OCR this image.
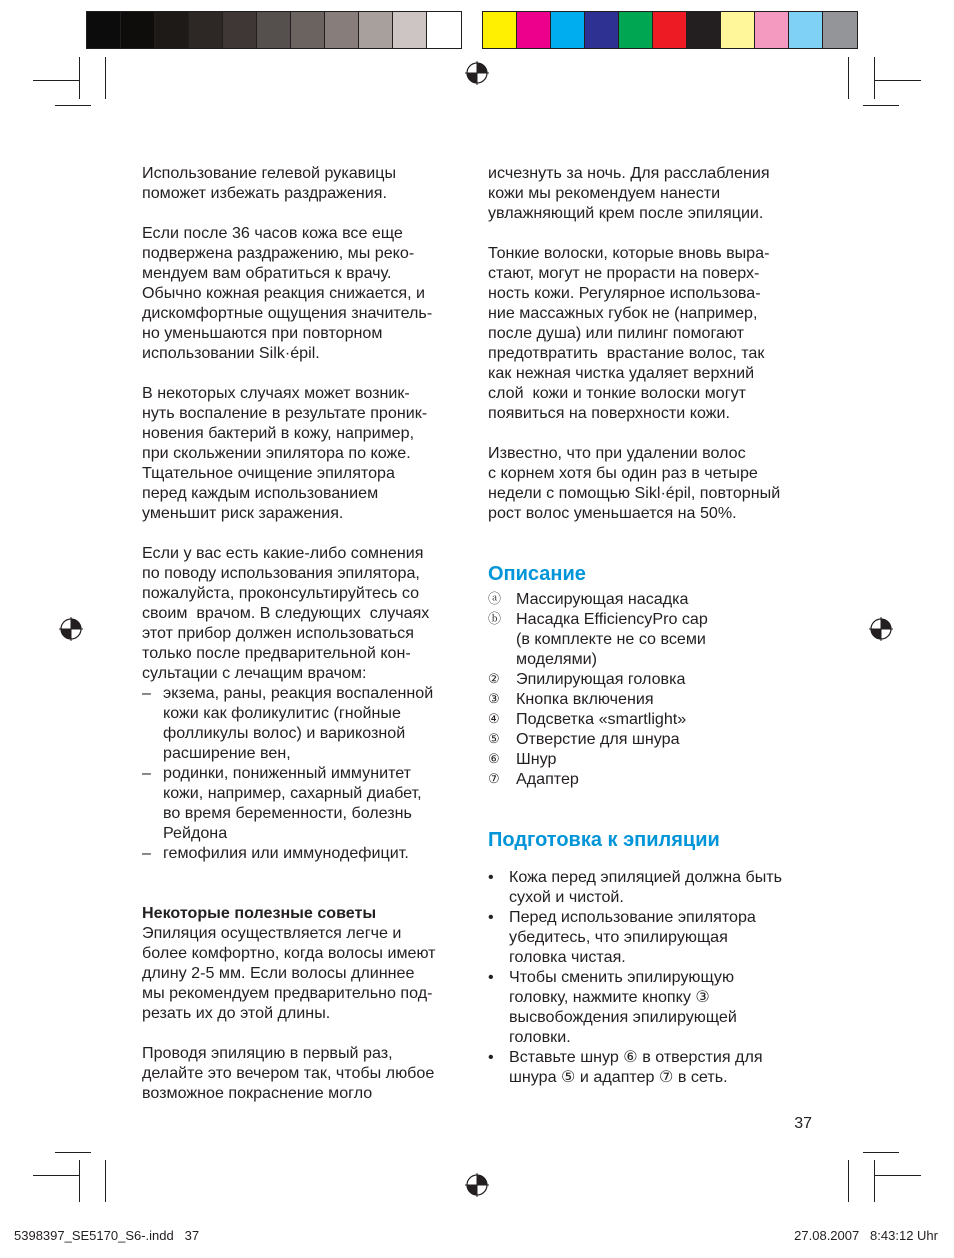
Использование гелевой рукавицы
поможет избежать раздражения.
Если после 36 часов кожа все еще
подвержена раздражению, мы реко-
мендуем вам обратиться к врачу.
Обычно кожная реакция снижается, и
дискомфортные ощущения значитель-
но уменьшаются при повторном
использовании Silk·épil.
В некоторых случаях может возник-
нуть воспаление в результате проник-
новения бактерий в кожу, например,
при скольжении эпилятора по коже.
Тщательное очищение эпилятора
перед каждым использованием
уменьшит риск заражения.
Если у вас есть какие-либо сомнения
по поводу использования эпилятора,
пожалуйста, проконсультируйтесь со
своим  врачом. В следующих  случаях
этот прибор должен использоваться
только после предварительной кон-
сультации с лечащим врачом:
– экзема, раны, реакция воспаленной
кожи как фоликулитис (гнойные
фолликулы волос) и варикозной
расширение вен,
– родинки, пониженный иммунитет
кожи, например, сахарный диабет,
во время беременности, болезнь
Рейдона
– гемофилия или иммунодефицит.
Некоторые полезные советы
Эпиляция осуществляется легче и
более комфортно, когда волосы имеют
длину 2-5 мм. Если волосы длиннее
мы рекомендуем предварительно под-
резать их до этой длины.
Проводя эпиляцию в первый раз,
делайте это вечером так, чтобы любое
возможное покраснение могло
исчезнуть за ночь. Для расслабления
кожи мы рекомендуем нанести
увлажняющий крем после эпиляции.
Тонкие волоски, которые вновь выра-
стают, могут не прорасти на поверх-
ность кожи. Регулярное использова-
ние массажных губок не (например,
после душа) или пилинг помогают
предотвратить  врастание волос, так
как нежная чистка удаляет верхний
слой  кожи и тонкие волоски могут
появиться на поверхности кожи.
Известно, что при удалении волос
с корнем хотя бы один раз в четыре
недели с помощью Sikl·épil, повторный
рост волос уменьшается на 50%.
Описание
ⓐ Массирующая насадка
ⓑ Насадка EfficiencyPro cap
(в комплекте не со всеми
моделями)
② Эпилирующая головка
③ Кнопка включения
④ Подсветка «smartlight»
⑤ Отверстие для шнура
⑥ Шнур
⑦ Адаптер
Подготовка к эпиляции
• Кожа перед эпиляцией должна быть
сухой и чистой.
• Перед использование эпилятора
убедитесь, что эпилирующая
головка чистая.
• Чтобы сменить эпилирующую
головку, нажмите кнопку ③
высвобождения эпилирующей
головки.
• Вставьте шнур ⑥ в отверстия для
шнура ⑤ и адаптер ⑦ в сеть.
37
5398397_SE5170_S6-.indd   37	27.08.2007   8:43:12 Uhr
